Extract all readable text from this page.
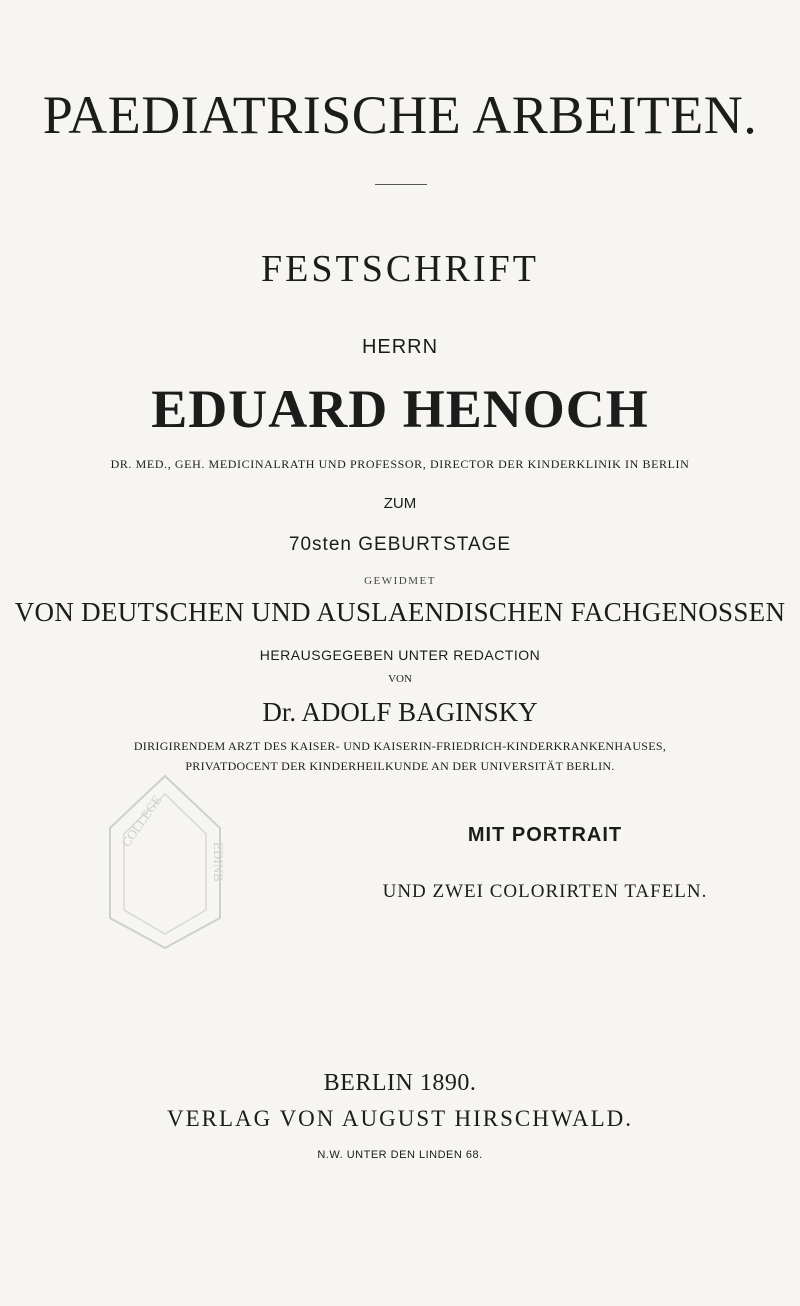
PAEDIATRISCHE ARBEITEN.
FESTSCHRIFT
HERRN
EDUARD HENOCH
DR. MED., GEH. MEDICINALRATH UND PROFESSOR, DIRECTOR DER KINDERKLINIK IN BERLIN
ZUM
70sten GEBURTSTAGE
GEWIDMET
VON DEUTSCHEN UND AUSLAENDISCHEN FACHGENOSSEN
HERAUSGEGEBEN UNTER REDACTION
VON
DIRIGIRENDEM ARZT DES KAISER- UND KAISERIN-FRIEDRICH-KINDERKRANKENHAUSES,
PRIVATDOCENT DER KINDERHEILKUNDE AN DER UNIVERSITÄT BERLIN.
COLLEGE
EDINB
MIT PORTRAIT
UND ZWEI COLORIRTEN TAFELN.
BERLIN 1890.
VERLAG VON AUGUST HIRSCHWALD.
N.W. UNTER DEN LINDEN 68.
Dr. ADOLF BAGINSKY
